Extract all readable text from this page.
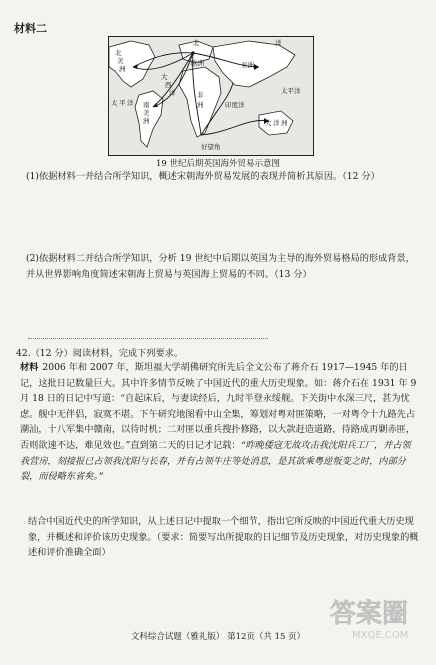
材料二
北	洋
北
美
洲
欧洲	亚洲
大
西
洋
太 平 洋 南
美
洲
非
洲	印度洋
太平洋
大 洋 洲
好望角
19 世纪后期英国海外贸易示意图
(1)依据材料一并结合所学知识，概述宋朝海外贸易发展的表现并简析其原因。（12 分）
(2)依据材料二并结合所学知识，分析 19 世纪中后期以英国为主导的海外贸易格局的形成背景，并从世界影响角度简述宋朝海上贸易与英国海上贸易的不同。（13 分）
42.（12 分）阅读材料，完成下列要求。
材料 2006 年和 2007 年，斯坦福大学胡佛研究所先后全文公布了蒋介石 1917—1945 年的日记，这批日记数量巨大。其中许多情节反映了中国近代的重大历史现象。如：蒋介石在 1931 年 9 月 18 日的日记中写道：“自起床后，与妻读经后，九时半登永绥舰。下关街中水深三尺，甚为忧虑。舰中无伴侣，寂寞不堪。下午研究地图看中山全集，筹划对粤对匪策略，一对粤令十九路先占潮汕，十八军集中赣南，以待时机；二对匪以重兵搜扑修路，以大款赶造道路，待路成再剿赤匪，否则欲速不达，难见效也。”直到第二天的日记才记载：“昨晚倭寇无故攻击我沈阳兵工厂，并占领我营房，刻接报已占领我沈阳与长春，并有占领牛庄等处消息，是其欲乘粤逆叛变之时，内部分裂，而侵略东省矣。”
结合中国近代史的所学知识，从上述日记中提取一个细节，指出它所反映的中国近代重大历史现象，并概述和评价该历史现象。（要求：简要写出所提取的日记细节及历史现象，对历史现象的概述和评价准确全面）
答案圈
MXQE.COM
文科综合试题（雅礼版） 第12页（共 15 页）
